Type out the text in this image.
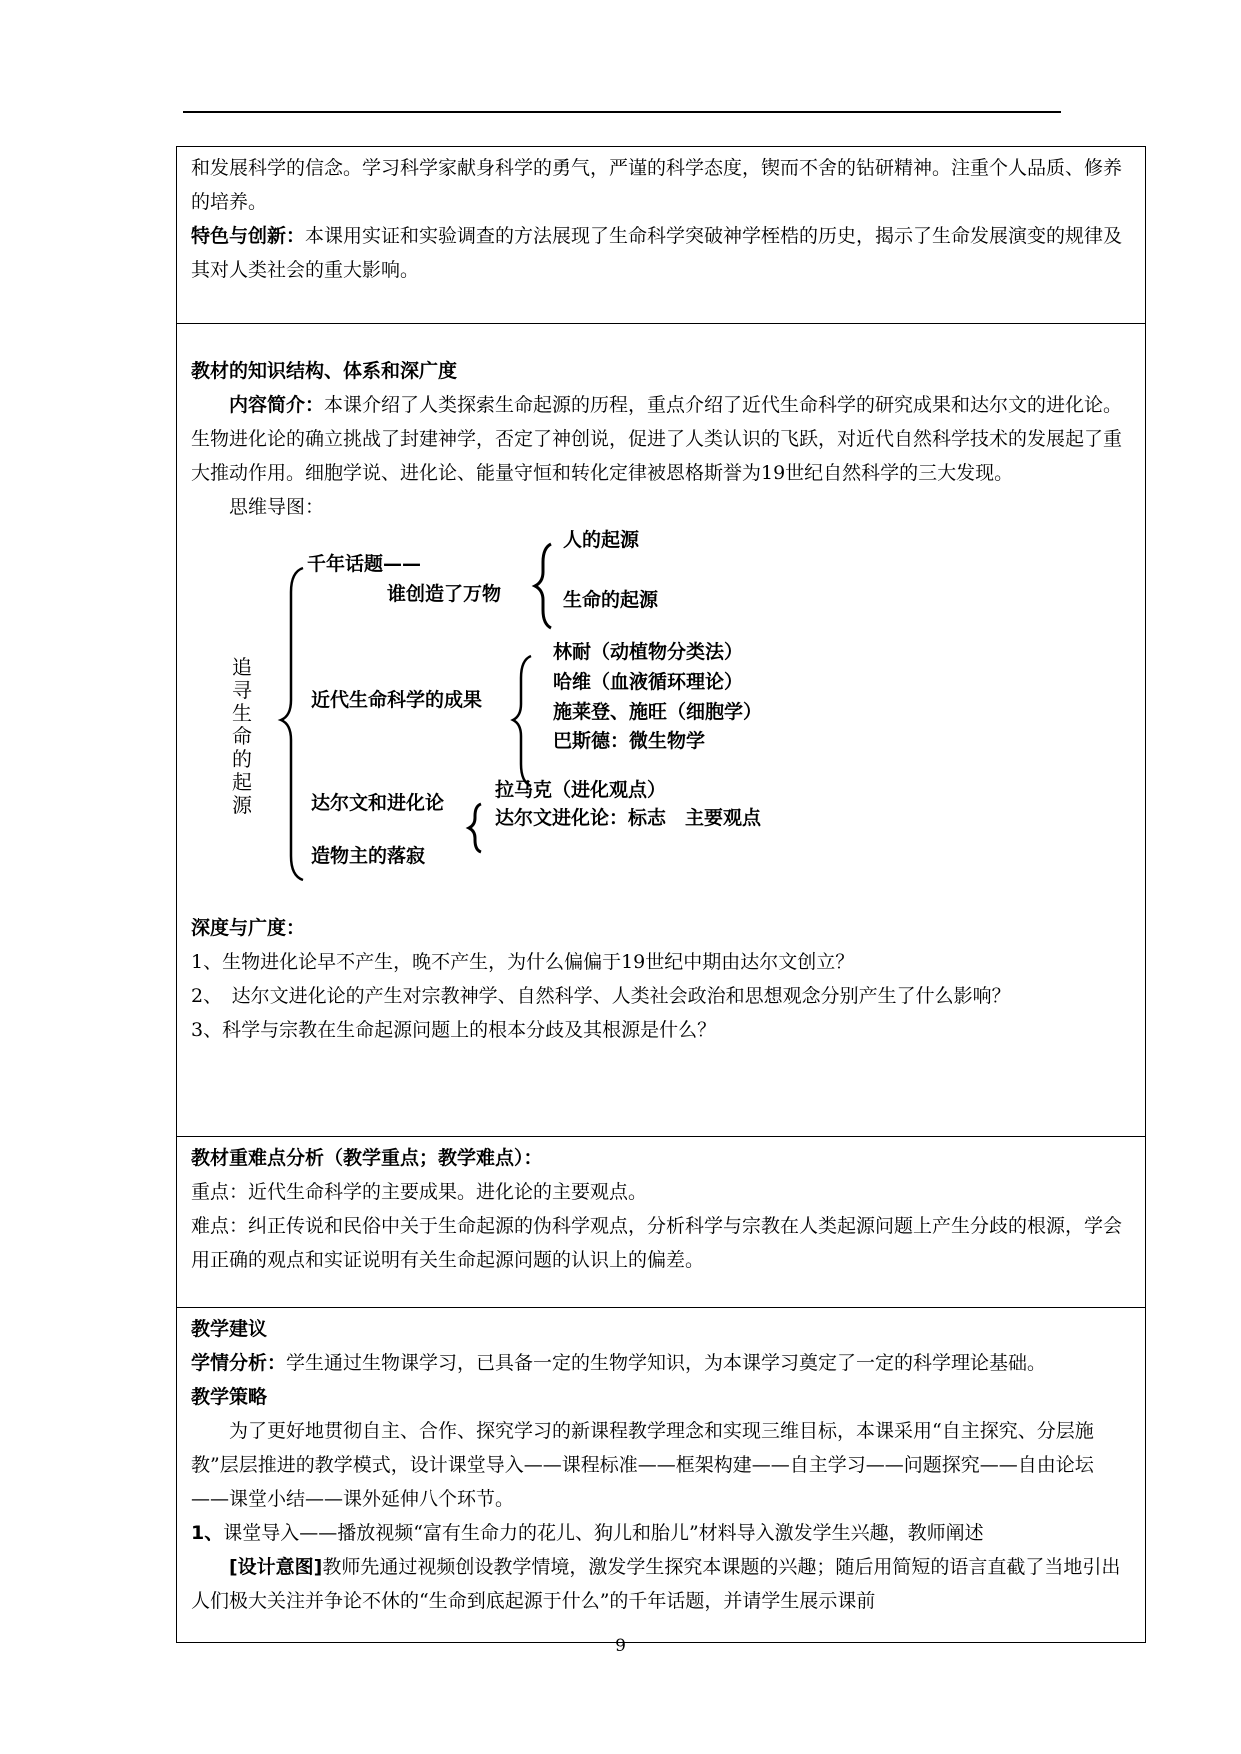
和发展科学的信念。学习科学家献身科学的勇气，严谨的科学态度，锲而不舍的钻研精神。注重个人品质、修养的培养。

特色与创新：本课用实证和实验调查的方法展现了生命科学突破神学桎梏的历史，揭示了生命发展演变的规律及其对人类社会的重大影响。

教材的知识结构、体系和深广度

内容简介：本课介绍了人类探索生命起源的历程，重点介绍了近代生命科学的研究成果和达尔文的进化论。生物进化论的确立挑战了封建神学，否定了神创说，促进了人类认识的飞跃，对近代自然科学技术的发展起了重大推动作用。细胞学说、进化论、能量守恒和转化定律被恩格斯誉为19世纪自然科学的三大发现。

思维导图：

追寻生命的起源
千年话题——
谁创造了万物
人的起源
生命的起源
近代生命科学的成果
林耐（动植物分类法）
哈维（血液循环理论）
施莱登、施旺（细胞学）
巴斯德：微生物学
达尔文和进化论
拉马克（进化观点）
达尔文进化论：标志　主要观点
造物主的落寂

深度与广度：

1、生物进化论早不产生，晚不产生，为什么偏偏于19世纪中期由达尔文创立？

2、　达尔文进化论的产生对宗教神学、自然科学、人类社会政治和思想观念分别产生了什么影响？

3、科学与宗教在生命起源问题上的根本分歧及其根源是什么？

教材重难点分析（教学重点；教学难点）：

重点：近代生命科学的主要成果。进化论的主要观点。

难点：纠正传说和民俗中关于生命起源的伪科学观点，分析科学与宗教在人类起源问题上产生分歧的根源，学会用正确的观点和实证说明有关生命起源问题的认识上的偏差。

教学建议

学情分析：学生通过生物课学习，已具备一定的生物学知识，为本课学习奠定了一定的科学理论基础。

教学策略

为了更好地贯彻自主、合作、探究学习的新课程教学理念和实现三维目标，本课采用“自主探究、分层施教”层层推进的教学模式，设计课堂导入——课程标准——框架构建——自主学习——问题探究——自由论坛——课堂小结——课外延伸八个环节。

1、课堂导入——播放视频“富有生命力的花儿、狗儿和胎儿”材料导入激发学生兴趣，教师阐述

[设计意图]教师先通过视频创设教学情境，激发学生探究本课题的兴趣；随后用简短的语言直截了当地引出人们极大关注并争论不休的“生命到底起源于什么”的千年话题，并请学生展示课前

9
